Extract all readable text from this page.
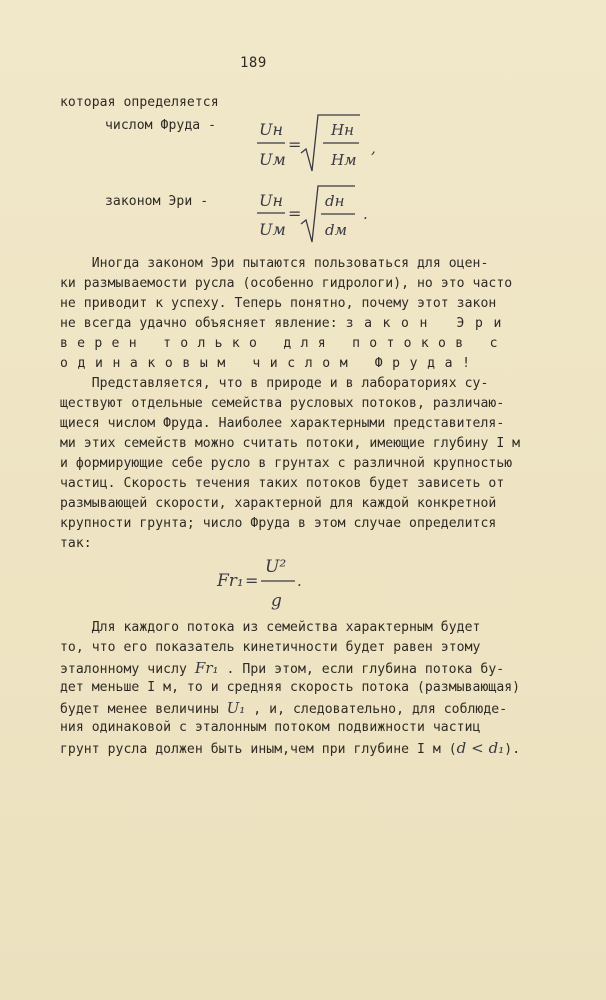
189
которая определяется
числом Фруда -	Uн
Uм
=
Hн
Hм
,
законом Эри -	Uн
Uм
=
dн
dм
.
Иногда законом Эри пытаются пользоваться для оцен-
ки размываемости русла (особенно гидрологи), но это часто
не приводит к успеху. Теперь понятно, почему этот закон
не всегда удачно объясняет явление: закон Эри
верен только для потоков с
одинаковым числом Фруда!
Представляется, что в природе и в лабораториях су-
ществуют отдельные семейства русловых потоков, различаю-
щиеся числом Фруда. Наиболее характерными представителя-
ми этих семейств можно считать потоки, имеющие глубину I м
и формирующие себе русло в грунтах с различной крупностью
частиц. Скорость течения таких потоков будет зависеть от
размывающей скорости, характерной для каждой конкретной
крупности грунта; число Фруда в этом случае определится
так:
Fr₁ =
U²
g
.
Для каждого потока из семейства характерным будет
то, что его показатель кинетичности будет равен этому
эталонному числу Fr₁ . При этом, если глубина потока бу-
дет меньше I м, то и средняя скорость потока (размывающая)
будет менее величины U₁ , и, следовательно, для соблюде-
ния одинаковой с эталонным потоком подвижности частиц
грунт русла должен быть иным,чем при глубине I м (d < d₁).
